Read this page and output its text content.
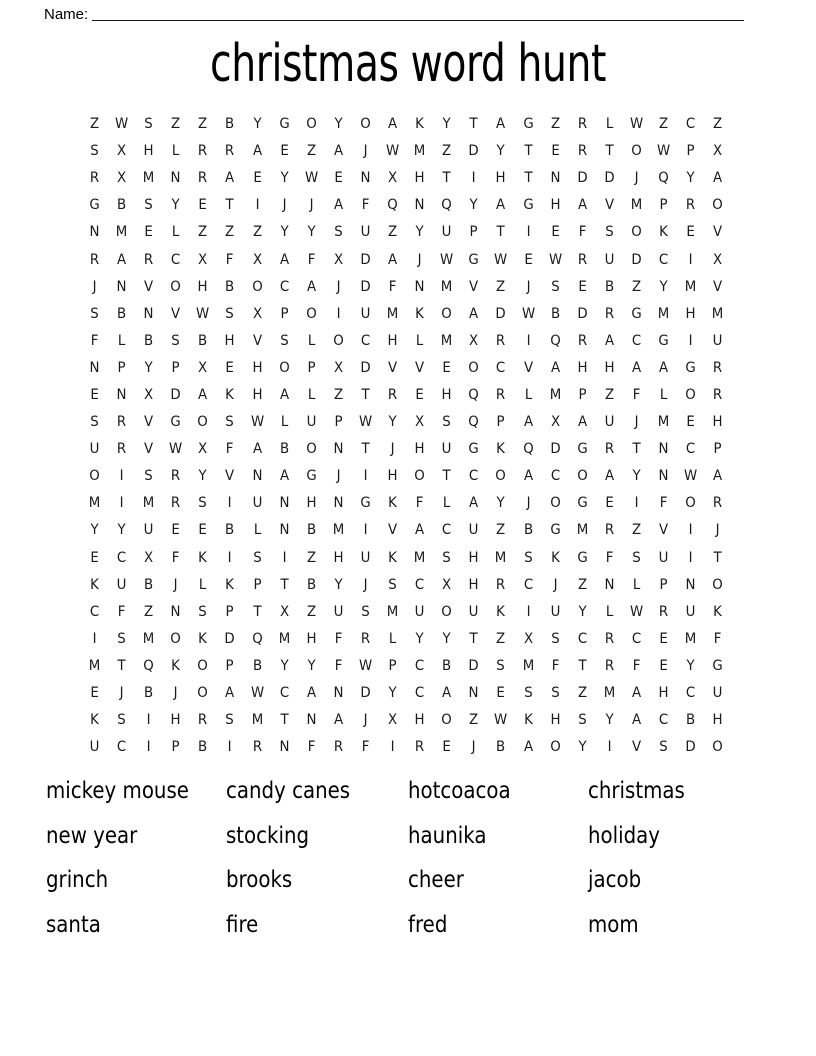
Name:
christmas word hunt
Z	W	S	Z	Z	B	Y	G	O	Y	O	A	K	Y	T	A	G	Z	R	L	W	Z	C	Z
S	X	H	L	R	R	A	E	Z	A	J	W	M	Z	D	Y	T	E	R	T	O	W	P	X
R	X	M	N	R	A	E	Y	W	E	N	X	H	T	I	H	T	N	D	D	J	Q	Y	A
G	B	S	Y	E	T	I	J	J	A	F	Q	N	Q	Y	A	G	H	A	V	M	P	R	O
N	M	E	L	Z	Z	Z	Y	Y	S	U	Z	Y	U	P	T	I	E	F	S	O	K	E	V
R	A	R	C	X	F	X	A	F	X	D	A	J	W	G	W	E	W	R	U	D	C	I	X
J	N	V	O	H	B	O	C	A	J	D	F	N	M	V	Z	J	S	E	B	Z	Y	M	V
S	B	N	V	W	S	X	P	O	I	U	M	K	O	A	D	W	B	D	R	G	M	H	M
F	L	B	S	B	H	V	S	L	O	C	H	L	M	X	R	I	Q	R	A	C	G	I	U
N	P	Y	P	X	E	H	O	P	X	D	V	V	E	O	C	V	A	H	H	A	A	G	R
E	N	X	D	A	K	H	A	L	Z	T	R	E	H	Q	R	L	M	P	Z	F	L	O	R
S	R	V	G	O	S	W	L	U	P	W	Y	X	S	Q	P	A	X	A	U	J	M	E	H
U	R	V	W	X	F	A	B	O	N	T	J	H	U	G	K	Q	D	G	R	T	N	C	P
O	I	S	R	Y	V	N	A	G	J	I	H	O	T	C	O	A	C	O	A	Y	N	W	A
M	I	M	R	S	I	U	N	H	N	G	K	F	L	A	Y	J	O	G	E	I	F	O	R
Y	Y	U	E	E	B	L	N	B	M	I	V	A	C	U	Z	B	G	M	R	Z	V	I	J
E	C	X	F	K	I	S	I	Z	H	U	K	M	S	H	M	S	K	G	F	S	U	I	T
K	U	B	J	L	K	P	T	B	Y	J	S	C	X	H	R	C	J	Z	N	L	P	N	O
C	F	Z	N	S	P	T	X	Z	U	S	M	U	O	U	K	I	U	Y	L	W	R	U	K
I	S	M	O	K	D	Q	M	H	F	R	L	Y	Y	T	Z	X	S	C	R	C	E	M	F
M	T	Q	K	O	P	B	Y	Y	F	W	P	C	B	D	S	M	F	T	R	F	E	Y	G
E	J	B	J	O	A	W	C	A	N	D	Y	C	A	N	E	S	S	Z	M	A	H	C	U
K	S	I	H	R	S	M	T	N	A	J	X	H	O	Z	W	K	H	S	Y	A	C	B	H
U	C	I	P	B	I	R	N	F	R	F	I	R	E	J	B	A	O	Y	I	V	S	D	O
mickey mouse	candy canes	hotcoacoa	christmas
new year	stocking	haunika	holiday
grinch	brooks	cheer	jacob
santa	fire	fred	mom
